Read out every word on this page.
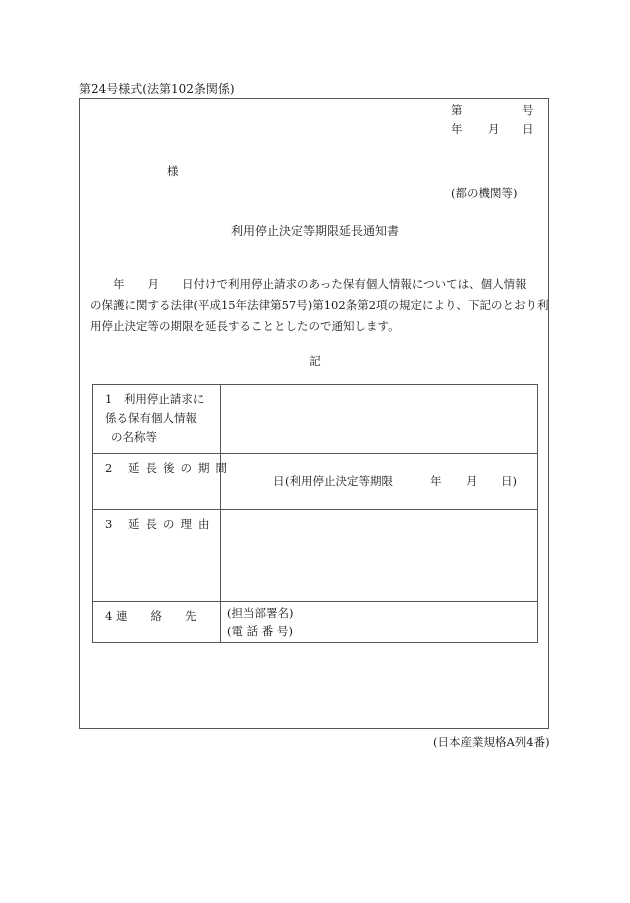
第24号様式(法第102条関係)
第	号
年 月 日
様
(都の機関等)
利用停止決定等期限延長通知書
　　年　　月　　日付けで利用停止請求のあった保有個人情報については、個人情報
の保護に関する法律(平成15年法律第57号)第102条第2項の規定により、下記のとおり利
用停止決定等の期限を延長することとしたので通知します。
記
1　利用停止請求に
係る保有個人情報
の名称等	

2 延長後の期間	日 (利用停止決定等期限 年 月 日)

3 延長の理由	

4 連　　絡　　先	(担当部署名)
(電 話 番 号)
(日本産業規格A列4番)
